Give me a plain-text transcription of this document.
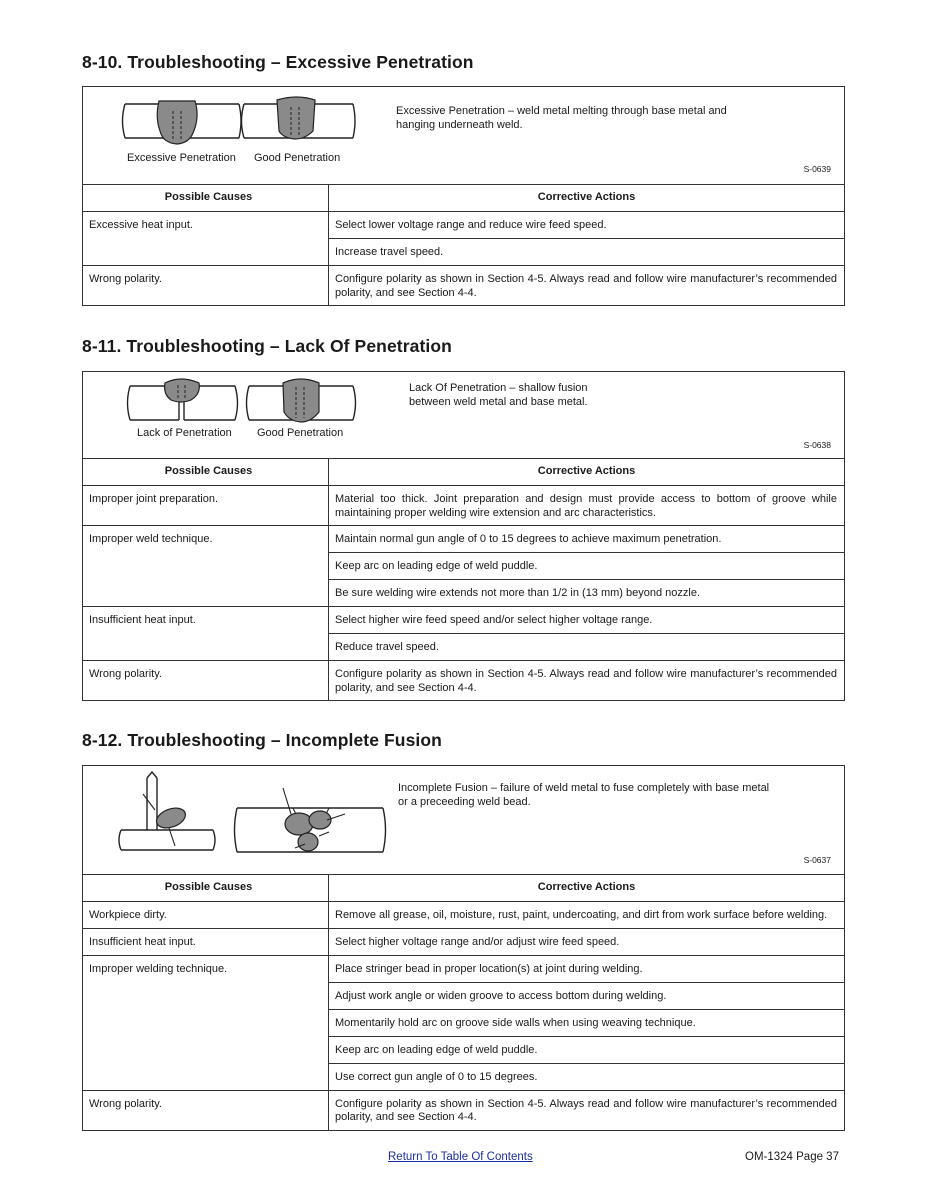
8-10. Troubleshooting – Excessive Penetration
Excessive Penetration Good Penetration

Excessive Penetration – weld metal melting through base metal and hanging underneath weld.

S-0639
Possible Causes	Corrective Actions
Excessive heat input.	Select lower voltage range and reduce wire feed speed.
	Increase travel speed.
Wrong polarity.	Configure polarity as shown in Section 4-5. Always read and follow wire manufacturer’s recommended polarity, and see Section 4-4.
8-11. Troubleshooting – Lack Of Penetration
Lack of Penetration Good Penetration

Lack Of Penetration – shallow fusion between weld metal and base metal.

S-0638
Possible Causes	Corrective Actions
Improper joint preparation.	Material too thick. Joint preparation and design must provide access to bottom of groove while maintaining proper welding wire extension and arc characteristics.
Improper weld technique.	Maintain normal gun angle of 0 to 15 degrees to achieve maximum penetration.
	Keep arc on leading edge of weld puddle.
	Be sure welding wire extends not more than 1/2 in (13 mm) beyond nozzle.
Insufficient heat input.	Select higher wire feed speed and/or select higher voltage range.
	Reduce travel speed.
Wrong polarity.	Configure polarity as shown in Section 4-5. Always read and follow wire manufacturer’s recommended polarity, and see Section 4-4.
8-12. Troubleshooting – Incomplete Fusion

Incomplete Fusion – failure of weld metal to fuse completely with base metal or a preceeding weld bead.

S-0637
Possible Causes	Corrective Actions
Workpiece dirty.	Remove all grease, oil, moisture, rust, paint, undercoating, and dirt from work surface before welding.
Insufficient heat input.	Select higher voltage range and/or adjust wire feed speed.
Improper welding technique.	Place stringer bead in proper location(s) at joint during welding.
	Adjust work angle or widen groove to access bottom during welding.
	Momentarily hold arc on groove side walls when using weaving technique.
	Keep arc on leading edge of weld puddle.
	Use correct gun angle of 0 to 15 degrees.
Wrong polarity.	Configure polarity as shown in Section 4-5. Always read and follow wire manufacturer’s recommended polarity, and see Section 4-4.
Return To Table Of Contents	OM-1324 Page 37
